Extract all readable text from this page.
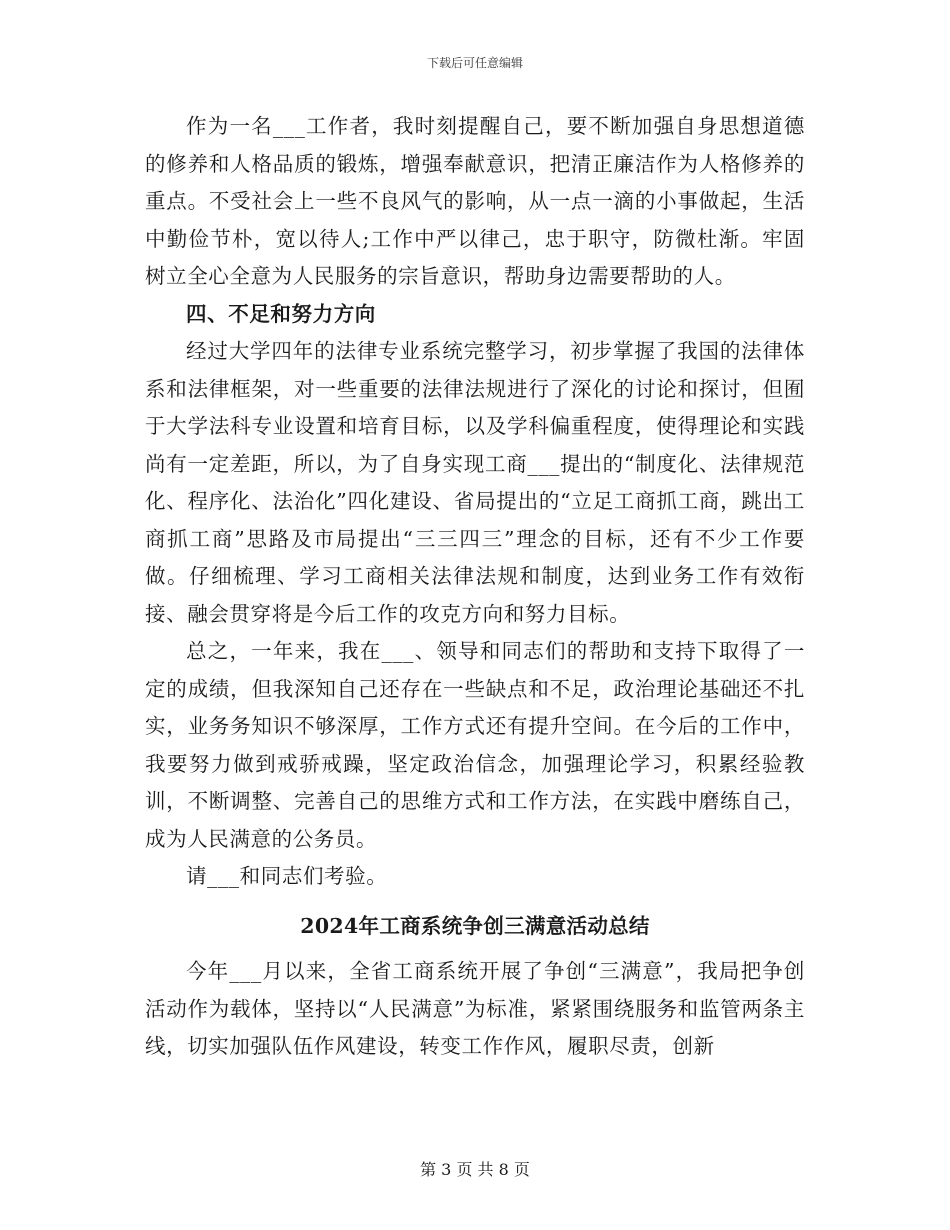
下载后可任意编辑

作为一名___工作者，我时刻提醒自己，要不断加强自身思想道德的修养和人格品质的锻炼，增强奉献意识，把清正廉洁作为人格修养的重点。不受社会上一些不良风气的影响，从一点一滴的小事做起，生活中勤俭节朴，宽以待人;工作中严以律己，忠于职守，防微杜渐。牢固树立全心全意为人民服务的宗旨意识，帮助身边需要帮助的人。

四、不足和努力方向

经过大学四年的法律专业系统完整学习，初步掌握了我国的法律体系和法律框架，对一些重要的法律法规进行了深化的讨论和探讨，但囿于大学法科专业设置和培育目标，以及学科偏重程度，使得理论和实践尚有一定差距，所以，为了自身实现工商___提出的“制度化、法律规范化、程序化、法治化”四化建设、省局提出的“立足工商抓工商，跳出工商抓工商”思路及市局提出“三三四三”理念的目标，还有不少工作要做。仔细梳理、学习工商相关法律法规和制度，达到业务工作有效衔接、融会贯穿将是今后工作的攻克方向和努力目标。

总之，一年来，我在___、领导和同志们的帮助和支持下取得了一定的成绩，但我深知自己还存在一些缺点和不足，政治理论基础还不扎实，业务务知识不够深厚，工作方式还有提升空间。在今后的工作中，我要努力做到戒骄戒躁，坚定政治信念，加强理论学习，积累经验教训，不断调整、完善自己的思维方式和工作方法，在实践中磨练自己，成为人民满意的公务员。

请___和同志们考验。

2024年工商系统争创三满意活动总结

今年___月以来，全省工商系统开展了争创“三满意”，我局把争创活动作为载体，坚持以“人民满意”为标准，紧紧围绕服务和监管两条主线，切实加强队伍作风建设，转变工作作风，履职尽责，创新

第 3 页 共 8 页
